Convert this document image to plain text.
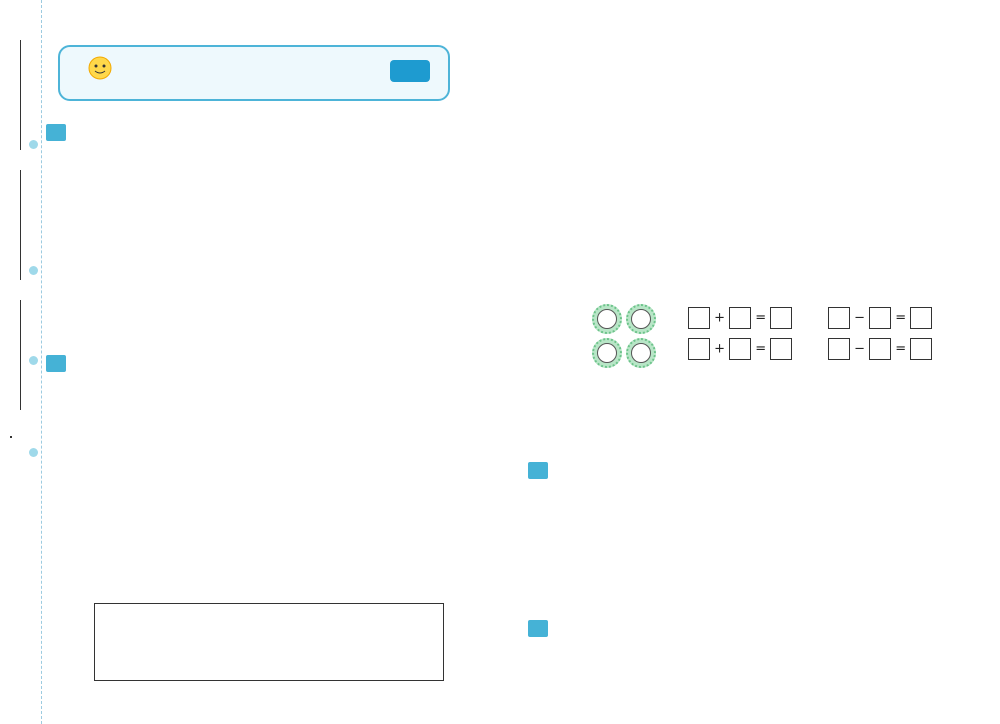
+  =	−  =
+  =	−  =
